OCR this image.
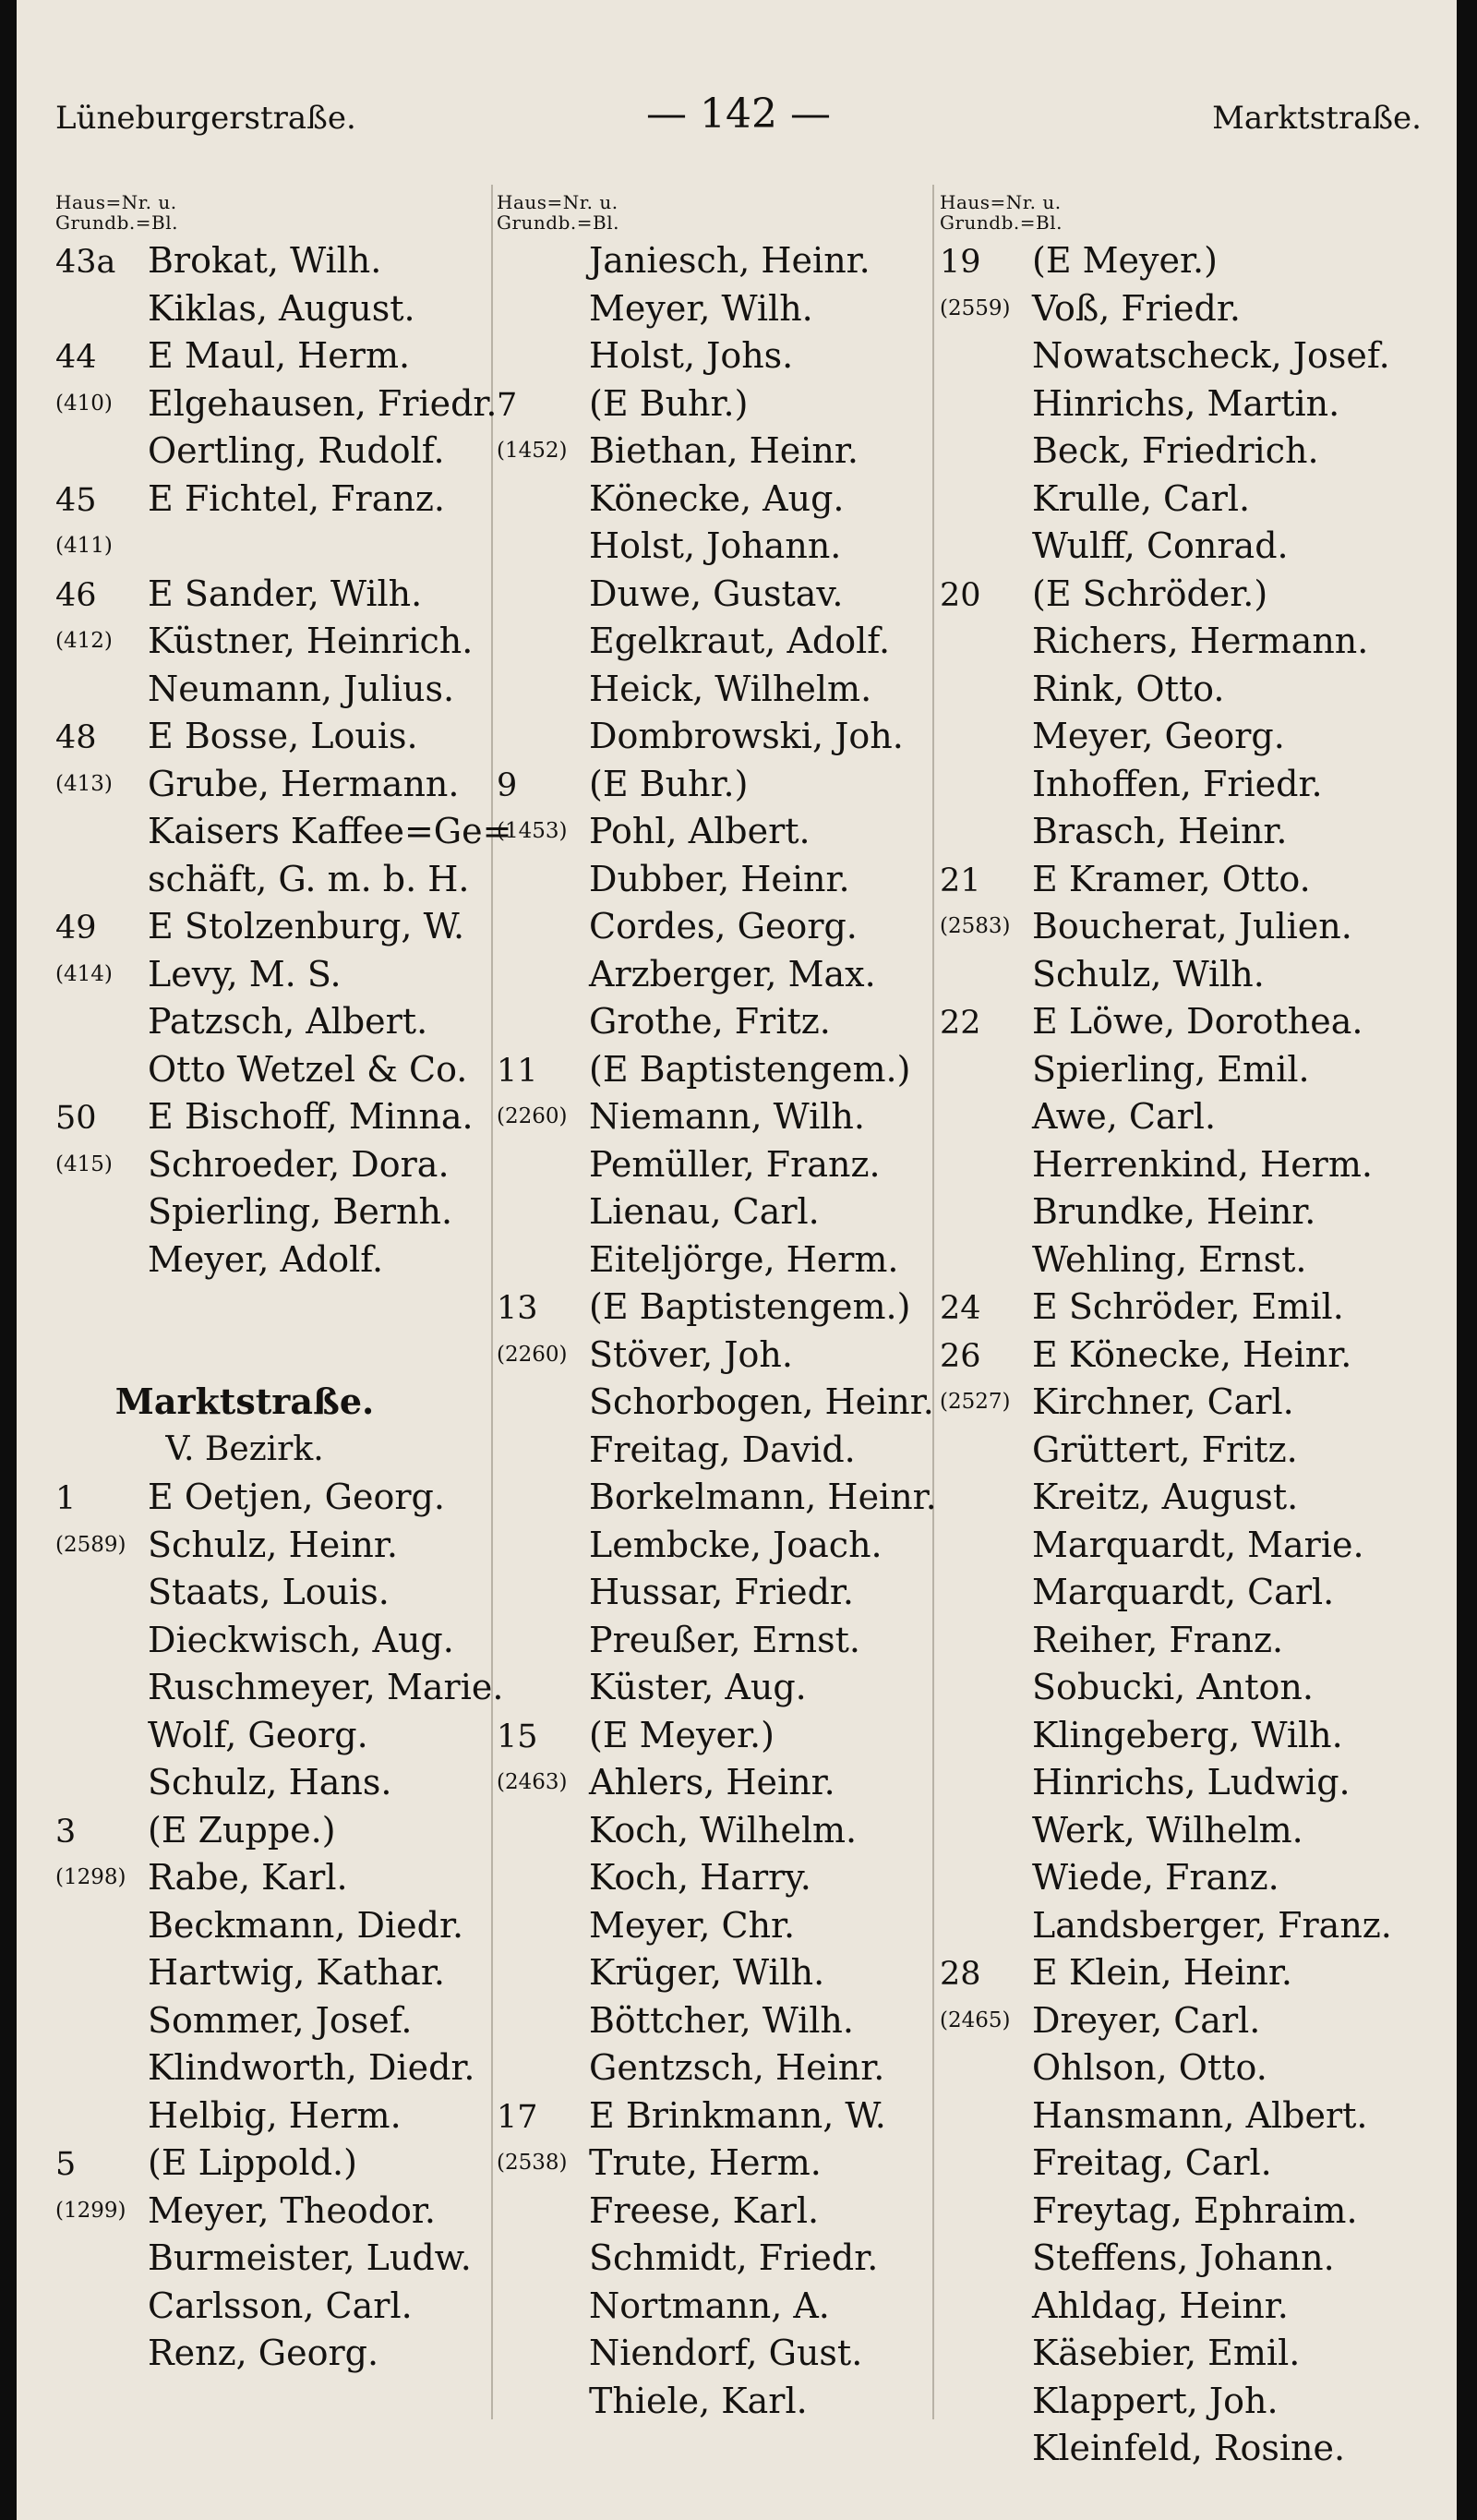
Lüneburgerstraße.	— 142 —	Marktstraße.
Haus=Nr. u.
Grundb.=Bl.
43a Brokat, Wilh.
Kiklas, August.
44 E Maul, Herm.
(410) Elgehausen, Friedr.
Oertling, Rudolf.
45 E Fichtel, Franz.
(411)
46 E Sander, Wilh.
(412) Küstner, Heinrich.
Neumann, Julius.
48 E Bosse, Louis.
(413) Grube, Hermann.
Kaisers Kaffee=Ge=
schäft, G. m. b. H.
49 E Stolzenburg, W.
(414) Levy, M. S.
Patzsch, Albert.
Otto Wetzel & Co.
50 E Bischoff, Minna.
(415) Schroeder, Dora.
Spierling, Bernh.
Meyer, Adolf.
Marktstraße.
V. Bezirk.
1 E Oetjen, Georg.
(2589) Schulz, Heinr.
Staats, Louis.
Dieckwisch, Aug.
Ruschmeyer, Marie.
Wolf, Georg.
Schulz, Hans.
3 (E Zuppe.)
(1298) Rabe, Karl.
Beckmann, Diedr.
Hartwig, Kathar.
Sommer, Josef.
Klindworth, Diedr.
Helbig, Herm.
5 (E Lippold.)
(1299) Meyer, Theodor.
Burmeister, Ludw.
Carlsson, Carl.
Renz, Georg.
Haus=Nr. u.
Grundb.=Bl.
Janiesch, Heinr.
Meyer, Wilh.
Holst, Johs.
7 (E Buhr.)
(1452) Biethan, Heinr.
Könecke, Aug.
Holst, Johann.
Duwe, Gustav.
Egelkraut, Adolf.
Heick, Wilhelm.
Dombrowski, Joh.
9 (E Buhr.)
(1453) Pohl, Albert.
Dubber, Heinr.
Cordes, Georg.
Arzberger, Max.
Grothe, Fritz.
11 (E Baptistengem.)
(2260) Niemann, Wilh.
Pemüller, Franz.
Lienau, Carl.
Eiteljörge, Herm.
13 (E Baptistengem.)
(2260) Stöver, Joh.
Schorbogen, Heinr.
Freitag, David.
Borkelmann, Heinr.
Lembcke, Joach.
Hussar, Friedr.
Preußer, Ernst.
Küster, Aug.
15 (E Meyer.)
(2463) Ahlers, Heinr.
Koch, Wilhelm.
Koch, Harry.
Meyer, Chr.
Krüger, Wilh.
Böttcher, Wilh.
Gentzsch, Heinr.
17 E Brinkmann, W.
(2538) Trute, Herm.
Freese, Karl.
Schmidt, Friedr.
Nortmann, A.
Niendorf, Gust.
Thiele, Karl.
Haus=Nr. u.
Grundb.=Bl.
19 (E Meyer.)
(2559) Voß, Friedr.
Nowatscheck, Josef.
Hinrichs, Martin.
Beck, Friedrich.
Krulle, Carl.
Wulff, Conrad.
20 (E Schröder.)
Richers, Hermann.
Rink, Otto.
Meyer, Georg.
Inhoffen, Friedr.
Brasch, Heinr.
21 E Kramer, Otto.
(2583) Boucherat, Julien.
Schulz, Wilh.
22 E Löwe, Dorothea.
Spierling, Emil.
Awe, Carl.
Herrenkind, Herm.
Brundke, Heinr.
Wehling, Ernst.
24 E Schröder, Emil.
26 E Könecke, Heinr.
(2527) Kirchner, Carl.
Grüttert, Fritz.
Kreitz, August.
Marquardt, Marie.
Marquardt, Carl.
Reiher, Franz.
Sobucki, Anton.
Klingeberg, Wilh.
Hinrichs, Ludwig.
Werk, Wilhelm.
Wiede, Franz.
Landsberger, Franz.
28 E Klein, Heinr.
(2465) Dreyer, Carl.
Ohlson, Otto.
Hansmann, Albert.
Freitag, Carl.
Freytag, Ephraim.
Steffens, Johann.
Ahldag, Heinr.
Käsebier, Emil.
Klappert, Joh.
Kleinfeld, Rosine.
